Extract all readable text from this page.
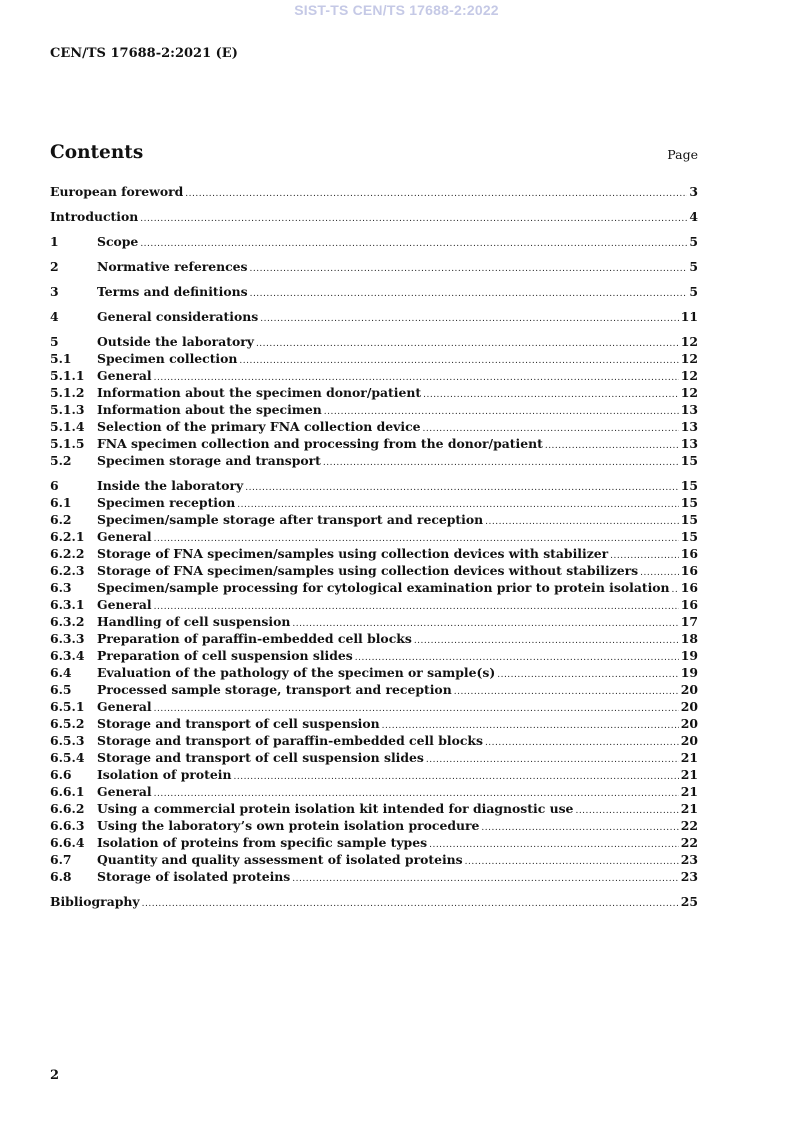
SIST-TS CEN/TS 17688-2:2022
CEN/TS 17688-2:2021 (E)
Contents	Page
European foreword .....	3
Introduction .....	4
1	Scope .....	5
2	Normative references .....	5
3	Terms and definitions .....	5
4	General considerations .....	11
5	Outside the laboratory .....	12
5.1	Specimen collection .....	12
5.1.1	General .....	12
5.1.2	Information about the specimen donor/patient .....	12
5.1.3	Information about the specimen .....	13
5.1.4	Selection of the primary FNA collection device .....	13
5.1.5	FNA specimen collection and processing from the donor/patient .....	13
5.2	Specimen storage and transport .....	15
6	Inside the laboratory .....	15
6.1	Specimen reception .....	15
6.2	Specimen/sample storage after transport and reception .....	15
6.2.1	General .....	15
6.2.2	Storage of FNA specimen/samples using collection devices with stabilizer .....	16
6.2.3	Storage of FNA specimen/samples using collection devices without stabilizers .....	16
6.3	Specimen/sample processing for cytological examination prior to protein isolation ..... 16
6.3.1	General .....	16
6.3.2	Handling of cell suspension .....	17
6.3.3	Preparation of paraffin-embedded cell blocks .....	18
6.3.4	Preparation of cell suspension slides .....	19
6.4	Evaluation of the pathology of the specimen or sample(s) .....	19
6.5	Processed sample storage, transport and reception .....	20
6.5.1	General .....	20
6.5.2	Storage and transport of cell suspension .....	20
6.5.3	Storage and transport of paraffin-embedded cell blocks .....	20
6.5.4	Storage and transport of cell suspension slides .....	21
6.6	Isolation of protein .....	21
6.6.1	General .....	21
6.6.2	Using a commercial protein isolation kit intended for diagnostic use .....	21
6.6.3	Using the laboratory’s own protein isolation procedure .....	22
6.6.4	Isolation of proteins from specific sample types .....	22
6.7	Quantity and quality assessment of isolated proteins .....	23
6.8	Storage of isolated proteins .....	23
Bibliography .....	25
2
